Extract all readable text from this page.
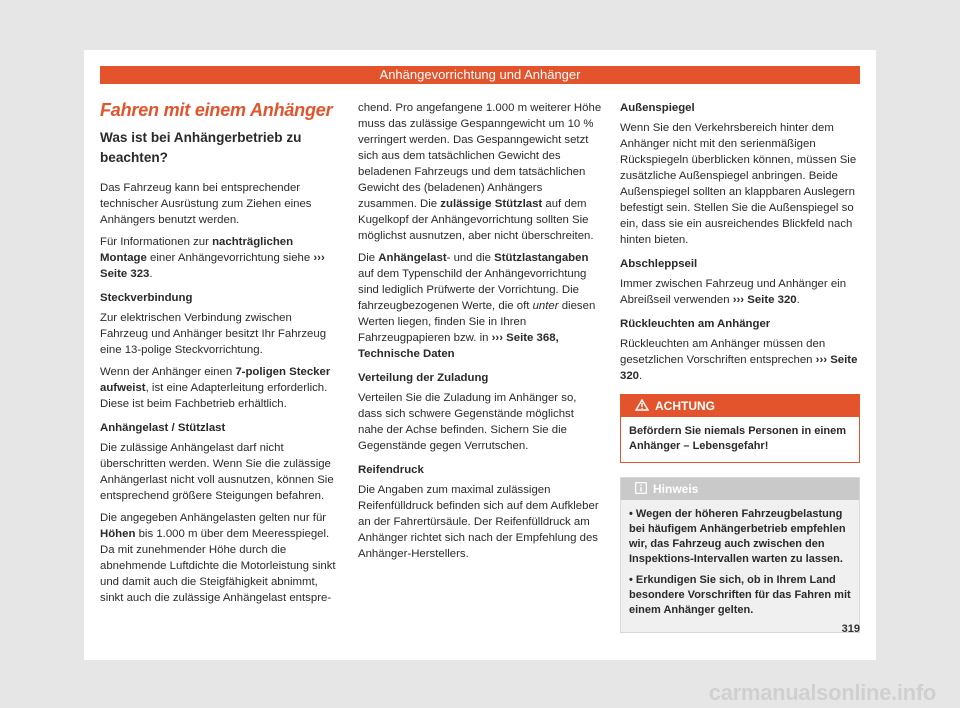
Anhängevorrichtung und Anhänger
Fahren mit einem Anhänger
Was ist bei Anhängerbetrieb zu beachten?

Das Fahrzeug kann bei entsprechender technischer Ausrüstung zum Ziehen eines Anhängers benutzt werden.

Für Informationen zur nachträglichen Montage einer Anhängevorrichtung siehe ››› Seite 323.

Steckverbindung

Zur elektrischen Verbindung zwischen Fahrzeug und Anhänger besitzt Ihr Fahrzeug eine 13-polige Steckvorrichtung.

Wenn der Anhänger einen 7-poligen Stecker aufweist, ist eine Adapterleitung erforderlich. Diese ist beim Fachbetrieb erhältlich.

Anhängelast / Stützlast

Die zulässige Anhängelast darf nicht überschritten werden. Wenn Sie die zulässige Anhängerlast nicht voll ausnutzen, können Sie entsprechend größere Steigungen befahren.

Die angegeben Anhängelasten gelten nur für Höhen bis 1.000 m über dem Meeresspiegel. Da mit zunehmender Höhe durch die abnehmende Luftdichte die Motorleistung sinkt und damit auch die Steigfähigkeit abnimmt, sinkt auch die zulässige Anhängelast entspre-

chend. Pro angefangene 1.000 m weiterer Höhe muss das zulässige Gespanngewicht um 10 % verringert werden. Das Gespanngewicht setzt sich aus dem tatsächlichen Gewicht des beladenen Fahrzeugs und dem tatsächlichen Gewicht des (beladenen) Anhängers zusammen. Die zulässige Stützlast auf dem Kugelkopf der Anhängevorrichtung sollten Sie möglichst ausnutzen, aber nicht überschreiten.

Die Anhängelast- und die Stützlastangaben auf dem Typenschild der Anhängevorrichtung sind lediglich Prüfwerte der Vorrichtung. Die fahrzeugbezogenen Werte, die oft unter diesen Werten liegen, finden Sie in Ihren Fahrzeugpapieren bzw. in ››› Seite 368, Technische Daten

Verteilung der Zuladung

Verteilen Sie die Zuladung im Anhänger so, dass sich schwere Gegenstände möglichst nahe der Achse befinden. Sichern Sie die Gegenstände gegen Verrutschen.

Reifendruck

Die Angaben zum maximal zulässigen Reifenfülldruck befinden sich auf dem Aufkleber an der Fahrertürsäule. Der Reifenfülldruck am Anhänger richtet sich nach der Empfehlung des Anhänger-Herstellers.

Außenspiegel

Wenn Sie den Verkehrsbereich hinter dem Anhänger nicht mit den serienmäßigen Rückspiegeln überblicken können, müssen Sie zusätzliche Außenspiegel anbringen. Beide Außenspiegel sollten an klappbaren Auslegern befestigt sein. Stellen Sie die Außenspiegel so ein, dass sie ein ausreichendes Blickfeld nach hinten bieten.

Abschleppseil

Immer zwischen Fahrzeug und Anhänger ein Abreißseil verwenden ››› Seite 320.

Rückleuchten am Anhänger

Rückleuchten am Anhänger müssen den gesetzlichen Vorschriften entsprechen ››› Seite 320.

ACHTUNG
Befördern Sie niemals Personen in einem Anhänger – Lebensgefahr!
Hinweis

• Wegen der höheren Fahrzeugbelastung bei häufigem Anhängerbetrieb empfehlen wir, das Fahrzeug auch zwischen den Inspektions-Intervallen warten zu lassen.

• Erkundigen Sie sich, ob in Ihrem Land besondere Vorschriften für das Fahren mit einem Anhänger gelten.

319
carmanualsonline.info
